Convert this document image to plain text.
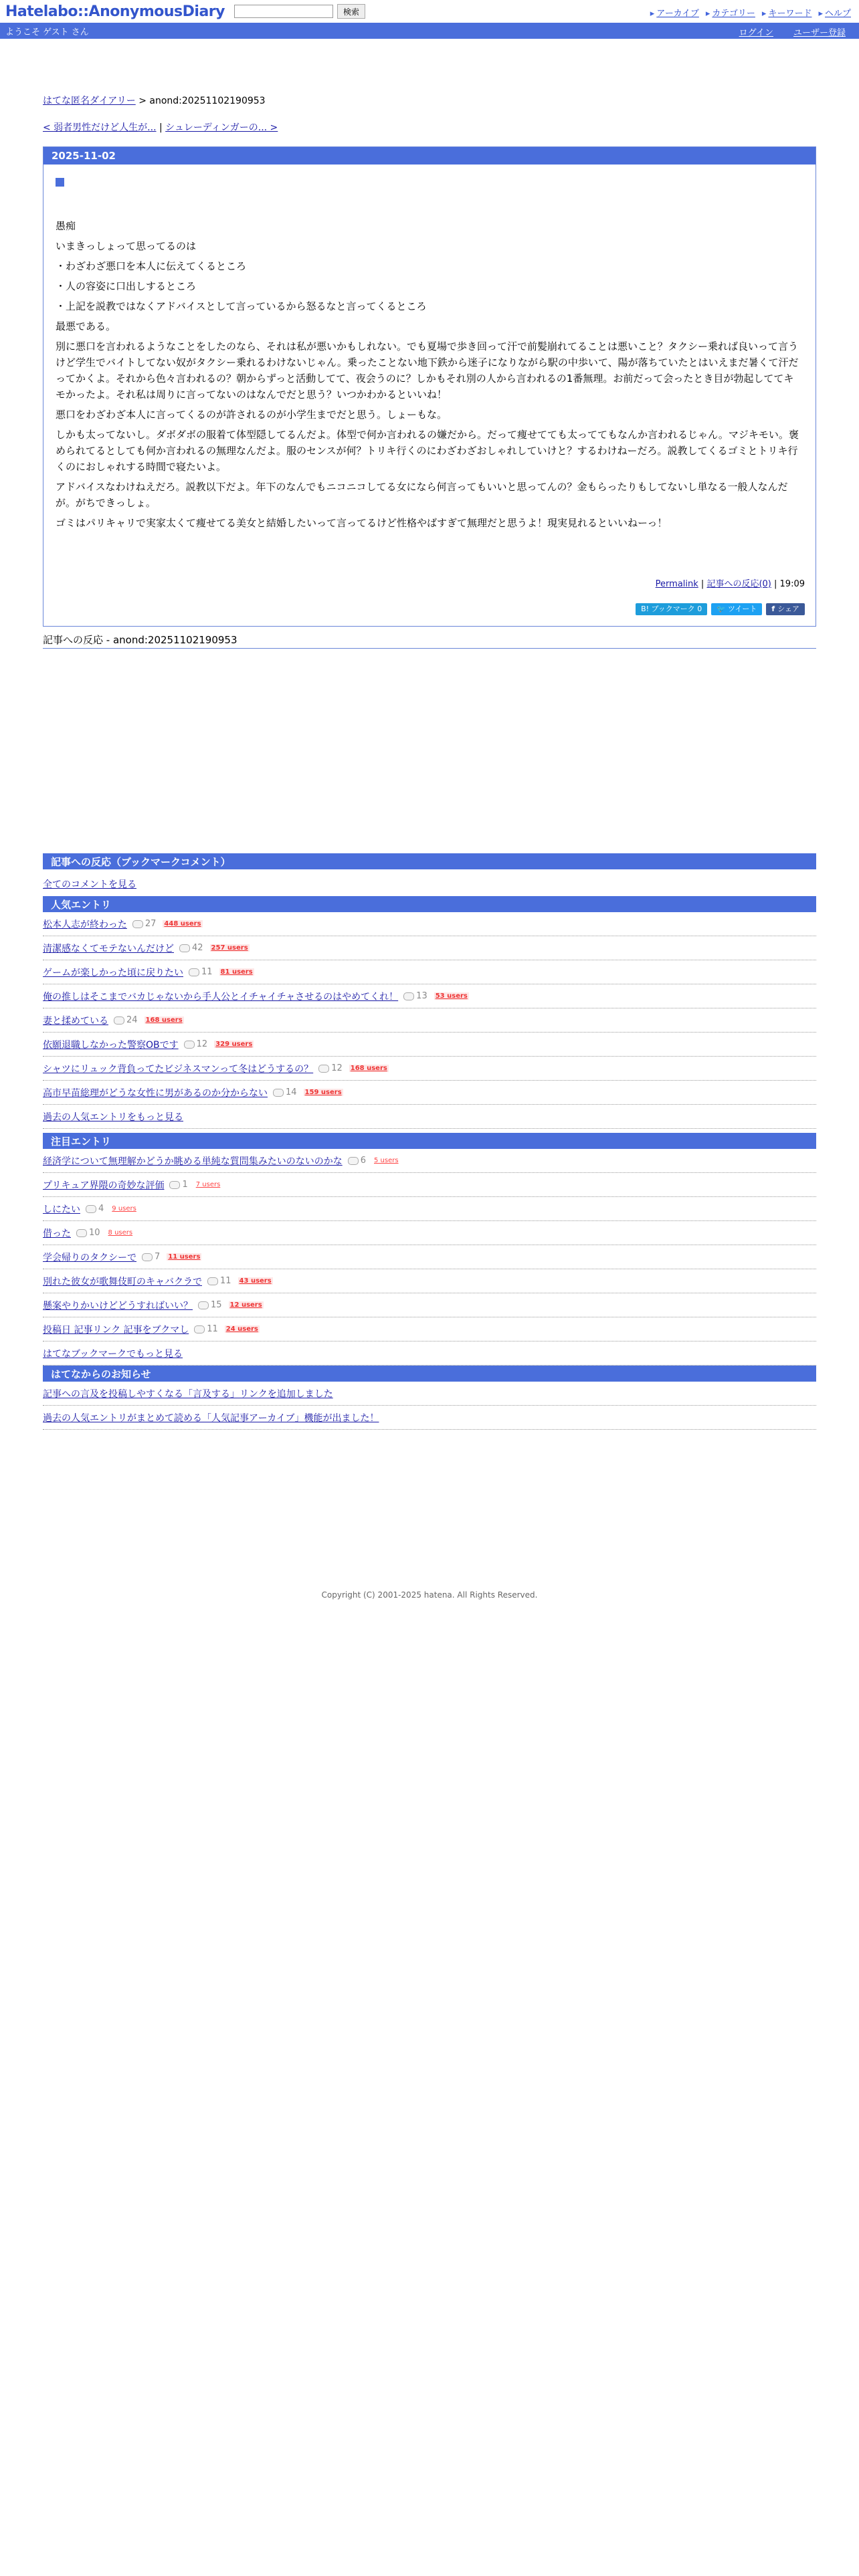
Hatelabo::AnonymousDiary	検索	▸ アーカイブ	▸ カテゴリー	▸ キーワード	▸ ヘルプ
ようこそ ゲスト さん	ログイン ユーザー登録
はてな匿名ダイアリー > anond:20251102190953
< 弱者男性だけど人生が... | シュレーディンガーの... >
2025-11-02

愚痴

いまきっしょって思ってるのは

・わざわざ悪口を本人に伝えてくるところ

・人の容姿に口出しするところ

・上記を説教ではなくアドバイスとして言っているから怒るなと言ってくるところ

最悪である。

別に悪口を言われるようなことをしたのなら、それは私が悪いかもしれない。でも夏場で歩き回って汗で前髪崩れてることは悪いこと？タクシー乗れば良いって言うけど学生でバイトしてない奴がタクシー乗れるわけないじゃん。乗ったことない地下鉄から迷子になりながら駅の中歩いて、陽が落ちていたとはいえまだ暑くて汗だってかくよ。それから色々言われるの？朝からずっと活動してて、夜会うのに？しかもそれ別の人から言われるの1番無理。お前だって会ったとき目が勃起しててキモかったよ。それ私は周りに言ってないのはなんでだと思う？いつかわかるといいね！

悪口をわざわざ本人に言ってくるのが許されるのが小学生までだと思う。しょーもな。

しかも太ってないし。ダボダボの服着て体型隠してるんだよ。体型で何か言われるの嫌だから。だって痩せてても太っててもなんか言われるじゃん。マジキモい。褒められてるとしても何か言われるの無理なんだよ。服のセンスが何？トリキ行くのにわざわざおしゃれしていけと？するわけねーだろ。説教してくるゴミとトリキ行くのにおしゃれする時間で寝たいよ。

アドバイスなわけねえだろ。説教以下だよ。年下のなんでもニコニコしてる女になら何言ってもいいと思ってんの？金もらったりもしてないし単なる一般人なんだが。がちできっしょ。

ゴミはパリキャリで実家太くて痩せてる美女と結婚したいって言ってるけど性格やばすぎて無理だと思うよ！現実見れるといいねーっ！

Permalink | 記事への反応(0) | 19:09
B! ブックマーク 0	🐦 ツイート	f シェア
記事への反応 - anond:20251102190953
記事への反応（ブックマークコメント）
全てのコメントを見る
人気エントリ
松本人志が終わった 27 448 users
清潔感なくてモテないんだけど 42 257 users
ゲームが楽しかった頃に戻りたい 11 81 users
俺の推しはそこまでバカじゃないから手人公とイチャイチャさせるのはやめてくれ！ 13 53 users
妻と揉めている 24 168 users
依願退職しなかった警察OBです 12 329 users
シャツにリュック背負ってたビジネスマンって冬はどうするの？ 12 168 users
高市早苗総理がどうな女性に男があるのか分からない 14 159 users
過去の人気エントリをもっと見る
注目エントリ
経済学について無理解かどうか眺める単純な質問集みたいのないのかな 6 5 users
プリキュア界隈の奇妙な評価 1 7 users
しにたい 4 9 users
借った 10 8 users
学会帰りのタクシーで 7 11 users
別れた彼女が歌舞伎町のキャバクラで 11 43 users
懸案やりかいけどどうすればいい？ 15 12 users
投稿日 記事リンク 記事をブクマし 11 24 users
はてなブックマークでもっと見る
はてなからのお知らせ
記事への言及を投稿しやすくなる「言及する」リンクを追加しました
過去の人気エントリがまとめて読める「人気記事アーカイブ」機能が出ました！
Copyright (C) 2001-2025 hatena. All Rights Reserved.
